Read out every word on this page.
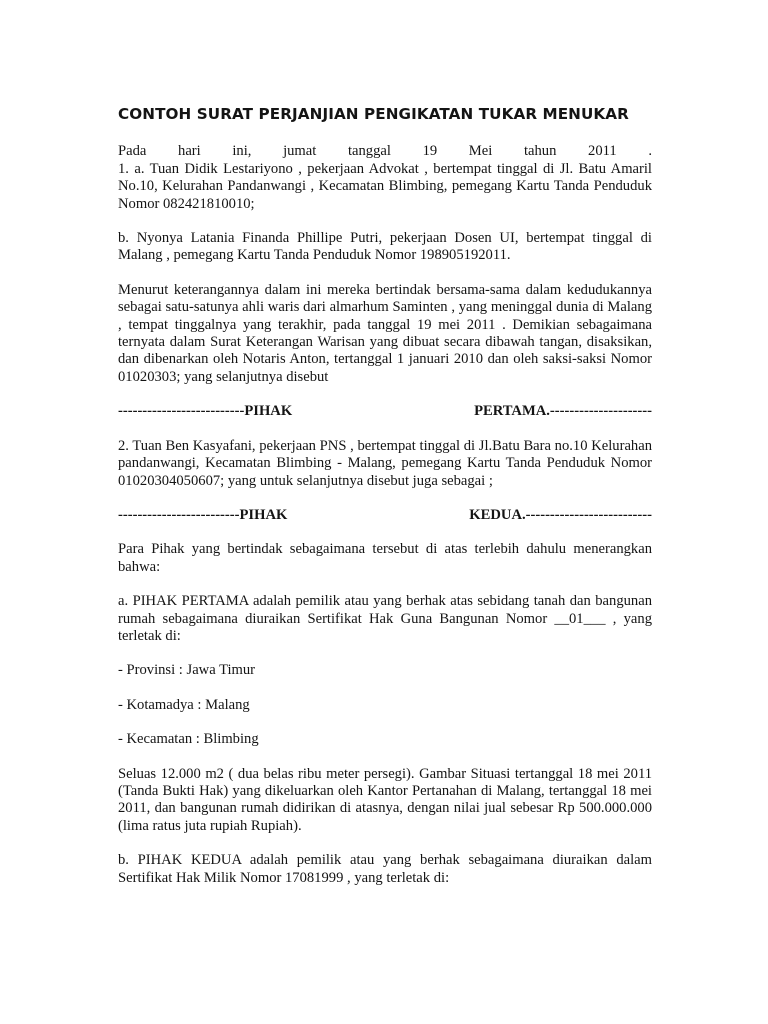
CONTOH SURAT PERJANJIAN PENGIKATAN TUKAR MENUKAR
Pada hari ini, jumat tanggal 19 Mei tahun 2011 .

1. a. Tuan Didik Lestariyono , pekerjaan Advokat , bertempat tinggal di Jl. Batu Amaril No.10, Kelurahan Pandanwangi , Kecamatan Blimbing, pemegang Kartu Tanda Penduduk Nomor 082421810010;

b. Nyonya Latania Finanda Phillipe Putri, pekerjaan Dosen UI, bertempat tinggal di Malang , pemegang Kartu Tanda Penduduk Nomor 198905192011.

Menurut keterangannya dalam ini mereka bertindak bersama-sama dalam kedudukannya sebagai satu-satunya ahli waris dari almarhum Saminten , yang meninggal dunia di Malang , tempat tinggalnya yang terakhir, pada tanggal 19 mei 2011 . Demikian sebagaimana ternyata dalam Surat Keterangan Warisan yang dibuat secara dibawah tangan, disaksikan, dan dibenarkan oleh Notaris Anton, tertanggal 1 januari 2010 dan oleh saksi-saksi Nomor 01020303; yang selanjutnya disebut

--------------------------PIHAK	PERTAMA.---------------------

2. Tuan Ben Kasyafani, pekerjaan PNS , bertempat tinggal di Jl.Batu Bara no.10 Kelurahan pandanwangi, Kecamatan Blimbing - Malang, pemegang Kartu Tanda Penduduk Nomor 01020304050607; yang untuk selanjutnya disebut juga sebagai ;

-------------------------PIHAK	KEDUA.--------------------------

Para Pihak yang bertindak sebagaimana tersebut di atas terlebih dahulu menerangkan bahwa:

a. PIHAK PERTAMA adalah pemilik atau yang berhak atas sebidang tanah dan bangunan rumah sebagaimana diuraikan Sertifikat Hak Guna Bangunan Nomor __01___ , yang terletak di:

- Provinsi : Jawa Timur
- Kotamadya : Malang
- Kecamatan : Blimbing

Seluas 12.000 m2 ( dua belas ribu meter persegi). Gambar Situasi tertanggal 18 mei 2011 (Tanda Bukti Hak) yang dikeluarkan oleh Kantor Pertanahan di Malang, tertanggal 18 mei 2011, dan bangunan rumah didirikan di atasnya, dengan nilai jual sebesar Rp 500.000.000 (lima ratus juta rupiah Rupiah).

b. PIHAK KEDUA adalah pemilik atau yang berhak sebagaimana diuraikan dalam Sertifikat Hak Milik Nomor 17081999 , yang terletak di:
